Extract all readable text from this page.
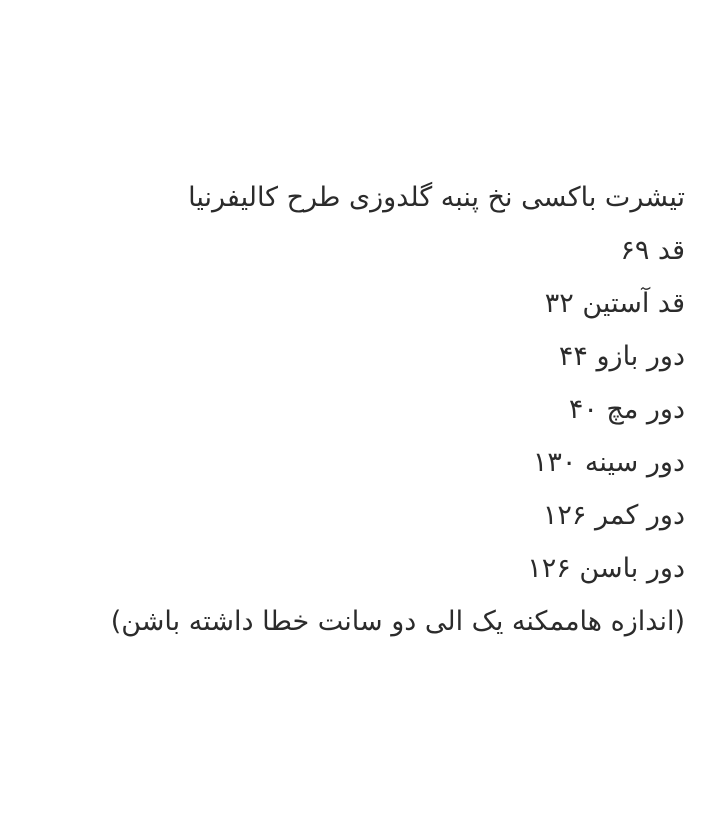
تیشرت باکسی نخ پنبه گلدوزی طرح کالیفرنیا
قد ۶۹
قد آستین ۳۲
دور بازو ۴۴
دور مچ ۴۰
دور سینه ۱۳۰
دور کمر ۱۲۶
دور باسن ۱۲۶
(اندازه هاممکنه یک الی دو سانت خطا داشته باشن)
